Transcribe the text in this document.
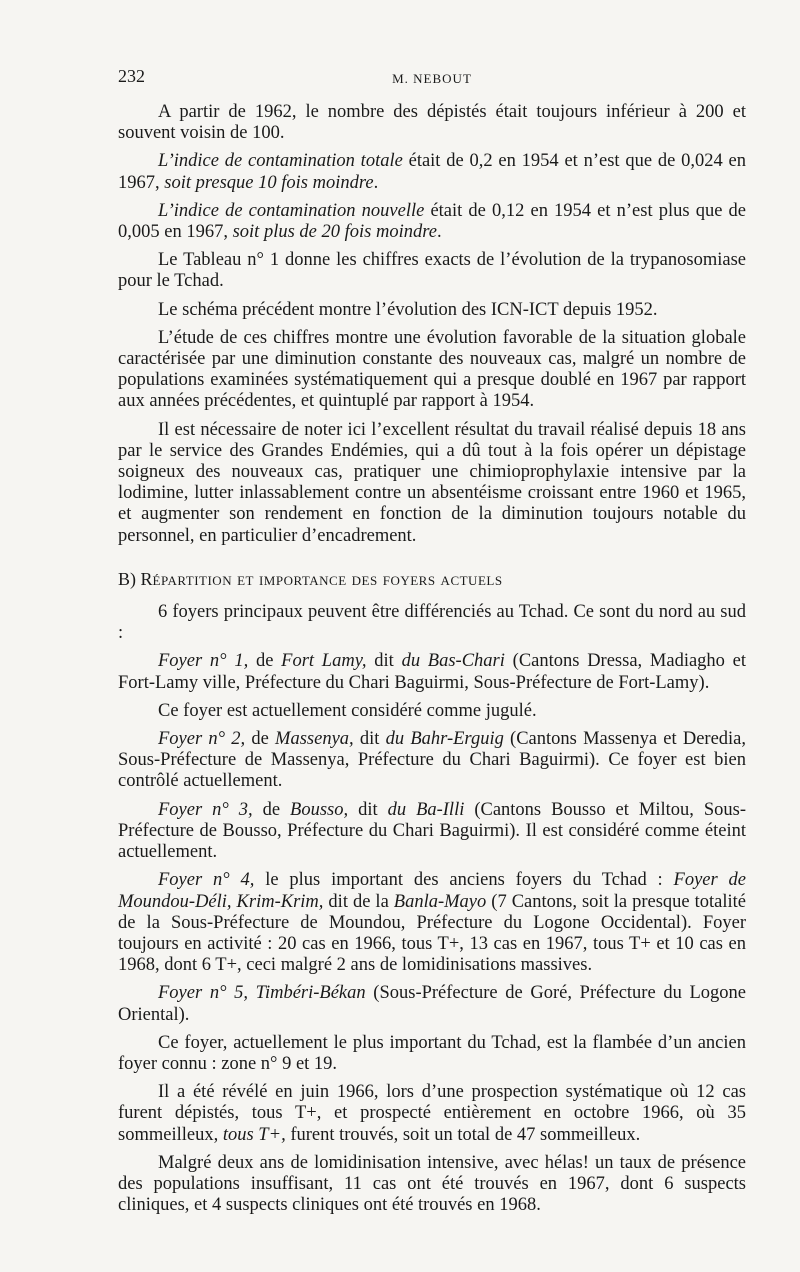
232	M. NEBOUT

A partir de 1962, le nombre des dépistés était toujours inférieur à 200 et souvent voisin de 100.

L’indice de contamination totale était de 0,2 en 1954 et n’est que de 0,024 en 1967, soit presque 10 fois moindre.

L’indice de contamination nouvelle était de 0,12 en 1954 et n’est plus que de 0,005 en 1967, soit plus de 20 fois moindre.

Le Tableau n° 1 donne les chiffres exacts de l’évolution de la trypanosomiase pour le Tchad.

Le schéma précédent montre l’évolution des ICN-ICT depuis 1952.

L’étude de ces chiffres montre une évolution favorable de la situation globale caractérisée par une diminution constante des nouveaux cas, malgré un nombre de populations examinées systématiquement qui a presque doublé en 1967 par rapport aux années précédentes, et quintuplé par rapport à 1954.

Il est nécessaire de noter ici l’excellent résultat du travail réalisé depuis 18 ans par le service des Grandes Endémies, qui a dû tout à la fois opérer un dépistage soigneux des nouveaux cas, pratiquer une chimioprophylaxie intensive par la lodimine, lutter inlassablement contre un absentéisme croissant entre 1960 et 1965, et augmenter son rendement en fonction de la diminution toujours notable du personnel, en particulier d’encadrement.

B) Répartition et importance des foyers actuels

6 foyers principaux peuvent être différenciés au Tchad. Ce sont du nord au sud :

Foyer n° 1, de Fort Lamy, dit du Bas-Chari (Cantons Dressa, Madiagho et Fort-Lamy ville, Préfecture du Chari Baguirmi, Sous-Préfecture de Fort-Lamy).

Ce foyer est actuellement considéré comme jugulé.

Foyer n° 2, de Massenya, dit du Bahr-Erguig (Cantons Massenya et Deredia, Sous-Préfecture de Massenya, Préfecture du Chari Baguirmi). Ce foyer est bien contrôlé actuellement.

Foyer n° 3, de Bousso, dit du Ba-Illi (Cantons Bousso et Miltou, Sous-Préfecture de Bousso, Préfecture du Chari Baguirmi). Il est considéré comme éteint actuellement.

Foyer n° 4, le plus important des anciens foyers du Tchad : Foyer de Moundou-Déli, Krim-Krim, dit de la Banla-Mayo (7 Cantons, soit la presque totalité de la Sous-Préfecture de Moundou, Préfecture du Logone Occidental). Foyer toujours en activité : 20 cas en 1966, tous T+, 13 cas en 1967, tous T+ et 10 cas en 1968, dont 6 T+, ceci malgré 2 ans de lomidinisations massives.

Foyer n° 5, Timbéri-Békan (Sous-Préfecture de Goré, Préfecture du Logone Oriental).

Ce foyer, actuellement le plus important du Tchad, est la flambée d’un ancien foyer connu : zone n° 9 et 19.

Il a été révélé en juin 1966, lors d’une prospection systématique où 12 cas furent dépistés, tous T+, et prospecté entièrement en octobre 1966, où 35 sommeilleux, tous T+, furent trouvés, soit un total de 47 sommeilleux.

Malgré deux ans de lomidinisation intensive, avec hélas! un taux de présence des populations insuffisant, 11 cas ont été trouvés en 1967, dont 6 suspects cliniques, et 4 suspects cliniques ont été trouvés en 1968.
